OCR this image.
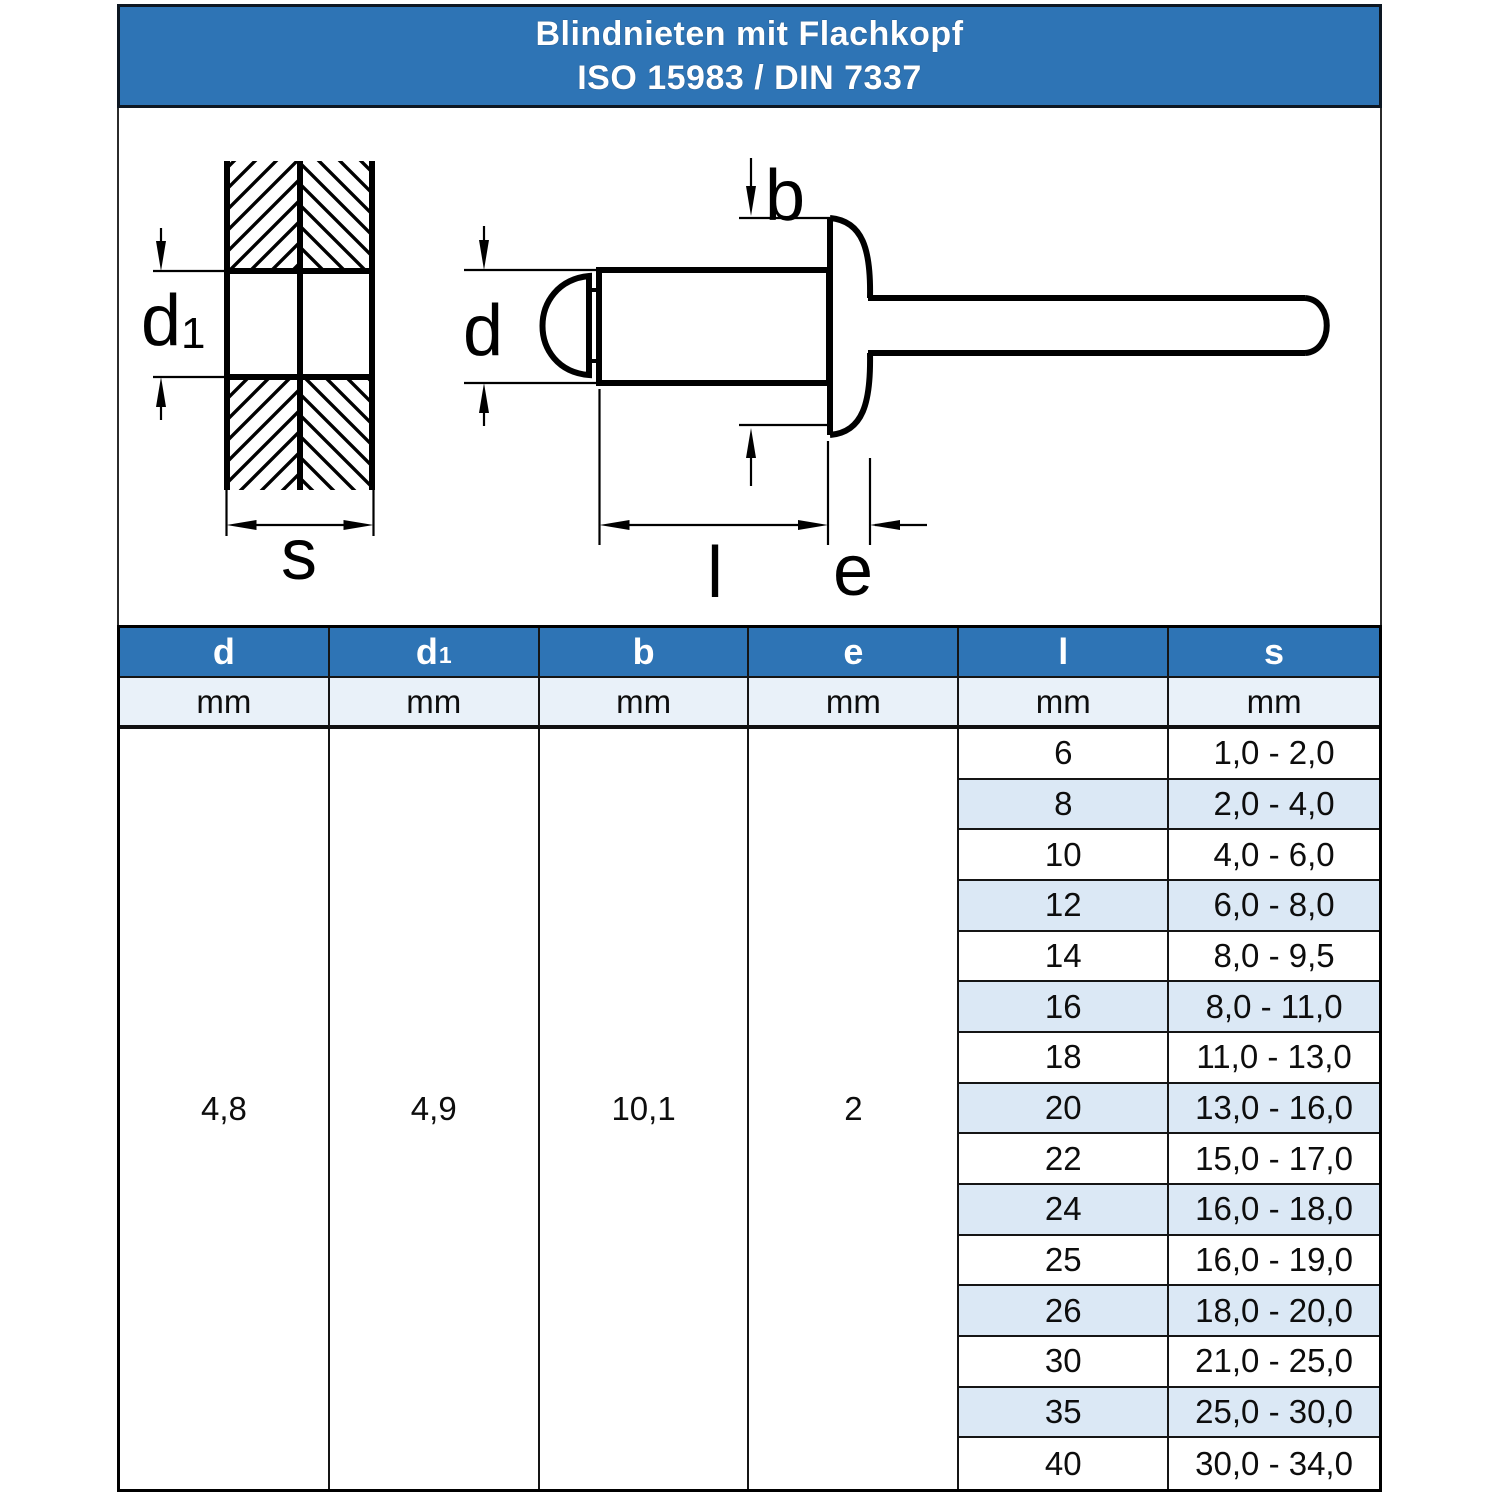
Blindnieten mit Flachkopf
ISO 15983 / DIN 7337
d 1
s
d
b
l e
d	d 1	b	e	l	s
mm	mm	mm	mm	mm	mm
4,8	4,9	10,1	2
6	1,0 - 2,0
8	2,0 - 4,0
10	4,0 - 6,0
12	6,0 - 8,0
14	8,0 - 9,5
16	8,0 - 11,0
18	11,0 - 13,0
20	13,0 - 16,0
22	15,0 - 17,0
24	16,0 - 18,0
25	16,0 - 19,0
26	18,0 - 20,0
30	21,0 - 25,0
35	25,0 - 30,0
40	30,0 - 34,0
